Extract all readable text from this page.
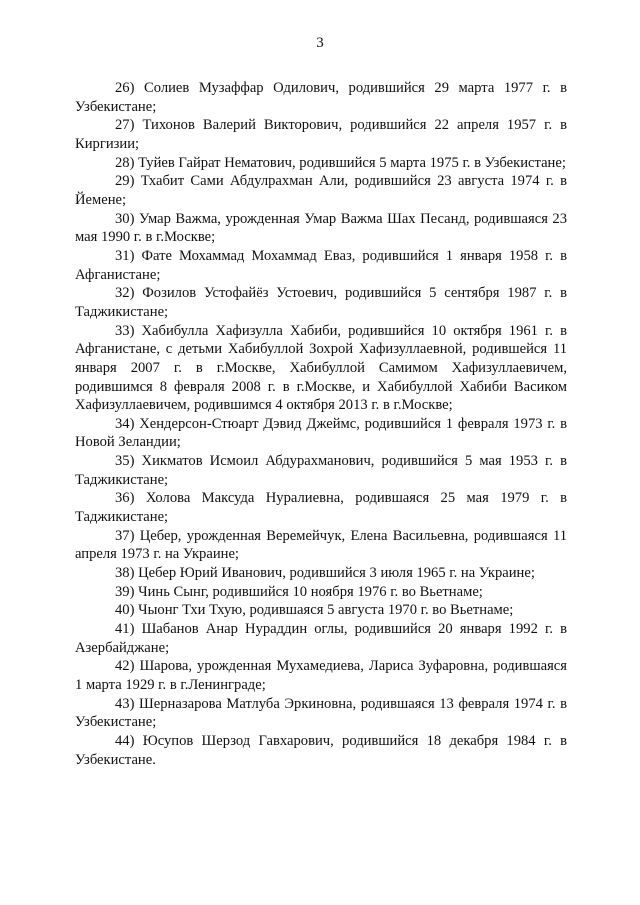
3

26) Солиев Музаффар Одилович, родившийся 29 марта 1977 г. в Узбекистане;

27) Тихонов Валерий Викторович, родившийся 22 апреля 1957 г. в Киргизии;

28) Туйев Гайрат Нематович, родившийся 5 марта 1975 г. в Узбекистане;

29) Тхабит Сами Абдулрахман Али, родившийся 23 августа 1974 г. в Йемене;

30) Умар Важма, урожденная Умар Важма Шах Песанд, родившаяся 23 мая 1990 г. в г.Москве;

31) Фате Мохаммад Мохаммад Еваз, родившийся 1 января 1958 г. в Афганистане;

32) Фозилов Устофайёз Устоевич, родившийся 5 сентября 1987 г. в Таджикистане;

33) Хабибулла Хафизулла Хабиби, родившийся 10 октября 1961 г. в Афганистане, с детьми Хабибуллой Зохрой Хафизуллаевной, родившейся 11 января 2007 г. в г.Москве, Хабибуллой Самимом Хафизуллаевичем, родившимся 8 февраля 2008 г. в г.Москве, и Хабибуллой Хабиби Васиком Хафизуллаевичем, родившимся 4 октября 2013 г. в г.Москве;

34) Хендерсон-Стюарт Дэвид Джеймс, родившийся 1 февраля 1973 г. в Новой Зеландии;

35) Хикматов Исмоил Абдурахманович, родившийся 5 мая 1953 г. в Таджикистане;

36) Холова Максуда Нуралиевна, родившаяся 25 мая 1979 г. в Таджикистане;

37) Цебер, урожденная Веремейчук, Елена Васильевна, родившаяся 11 апреля 1973 г. на Украине;

38) Цебер Юрий Иванович, родившийся 3 июля 1965 г. на Украине;

39) Чинь Сынг, родившийся 10 ноября 1976 г. во Вьетнаме;

40) Чыонг Тхи Тхую, родившаяся 5 августа 1970 г. во Вьетнаме;

41) Шабанов Анар Нураддин оглы, родившийся 20 января 1992 г. в Азербайджане;

42) Шарова, урожденная Мухамедиева, Лариса Зуфаровна, родившаяся 1 марта 1929 г. в г.Ленинграде;

43) Шерназарова Матлуба Эркиновна, родившаяся 13 февраля 1974 г. в Узбекистане;

44) Юсупов Шерзод Гавхарович, родившийся 18 декабря 1984 г. в Узбекистане.
